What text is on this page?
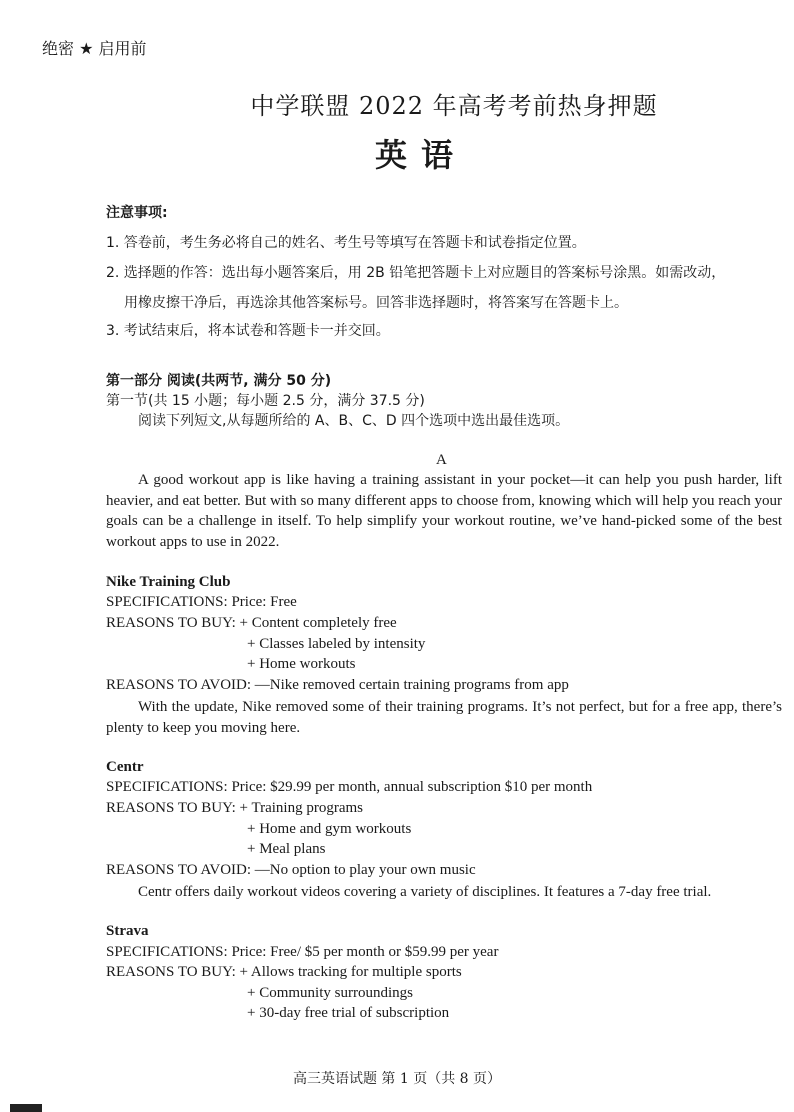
绝密 ★ 启用前
中学联盟 2022 年高考考前热身押题
英语
注意事项:
1. 答卷前，考生务必将自己的姓名、考生号等填写在答题卡和试卷指定位置。
2. 选择题的作答：选出每小题答案后，用 2B 铅笔把答题卡上对应题目的答案标号涂黑。如需改动，
用橡皮擦干净后，再选涂其他答案标号。回答非选择题时，将答案写在答题卡上。
3. 考试结束后，将本试卷和答题卡一并交回。
第一部分 阅读(共两节, 满分 50 分)
第一节(共 15 小题；每小题 2.5 分，满分 37.5 分)
阅读下列短文,从每题所给的 A、B、C、D 四个选项中选出最佳选项。
A
A good workout app is like having a training assistant in your pocket—it can help you push harder, lift heavier, and eat better. But with so many different apps to choose from, knowing which will help you reach your goals can be a challenge in itself. To help simplify your workout routine, we’ve hand-picked some of the best workout apps to use in 2022.
Nike Training Club
SPECIFICATIONS: Price: Free
REASONS TO BUY: + Content completely free
+ Classes labeled by intensity
+ Home workouts
REASONS TO AVOID: —Nike removed certain training programs from app
With the update, Nike removed some of their training programs. It’s not perfect, but for a free app, there’s plenty to keep you moving here.
Centr
SPECIFICATIONS: Price: $29.99 per month, annual subscription $10 per month
REASONS TO BUY: + Training programs
+ Home and gym workouts
+ Meal plans
REASONS TO AVOID: —No option to play your own music
Centr offers daily workout videos covering a variety of disciplines. It features a 7-day free trial.
Strava
SPECIFICATIONS: Price: Free/ $5 per month or $59.99 per year
REASONS TO BUY: + Allows tracking for multiple sports
+ Community surroundings
+ 30-day free trial of subscription
高三英语试题 第 1 页（共 8 页）
